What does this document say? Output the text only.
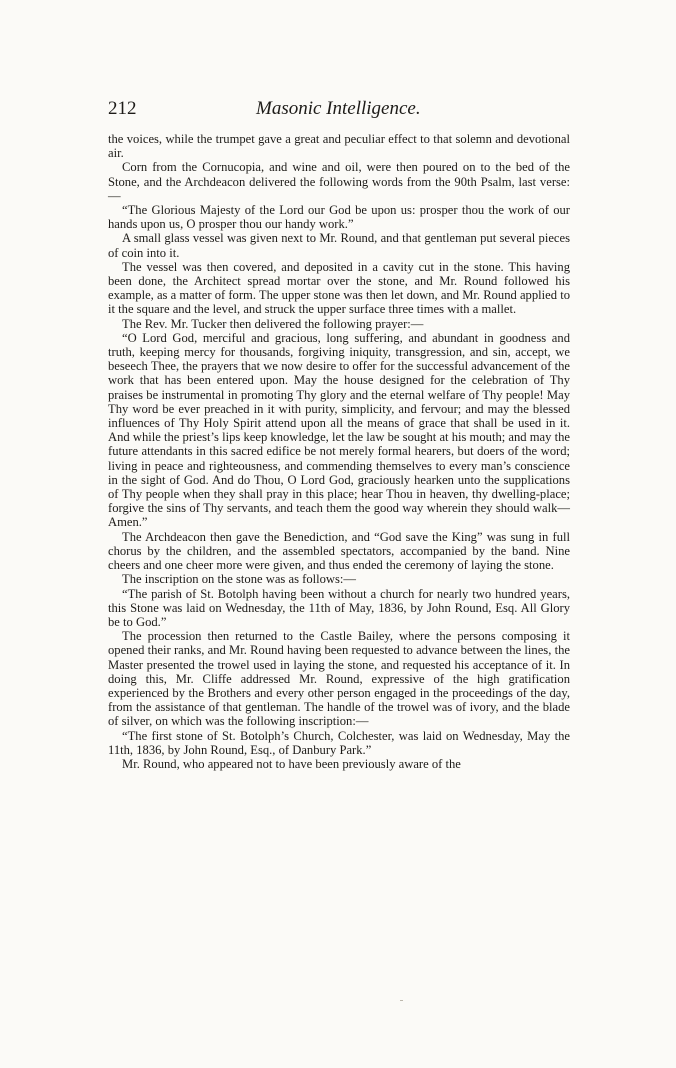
212	Masonic Intelligence.

the voices, while the trumpet gave a great and peculiar effect to that solemn and devotional air.

Corn from the Cornucopia, and wine and oil, were then poured on to the bed of the Stone, and the Archdeacon delivered the following words from the 90th Psalm, last verse:—

“The Glorious Majesty of the Lord our God be upon us: prosper thou the work of our hands upon us, O prosper thou our handy work.”

A small glass vessel was given next to Mr. Round, and that gentleman put several pieces of coin into it.

The vessel was then covered, and deposited in a cavity cut in the stone. This having been done, the Architect spread mortar over the stone, and Mr. Round followed his example, as a matter of form. The upper stone was then let down, and Mr. Round applied to it the square and the level, and struck the upper surface three times with a mallet.

The Rev. Mr. Tucker then delivered the following prayer:—

“O Lord God, merciful and gracious, long suffering, and abundant in goodness and truth, keeping mercy for thousands, forgiving iniquity, transgression, and sin, accept, we beseech Thee, the prayers that we now desire to offer for the successful advancement of the work that has been entered upon. May the house designed for the celebration of Thy praises be instrumental in promoting Thy glory and the eternal welfare of Thy people! May Thy word be ever preached in it with purity, simplicity, and fervour; and may the blessed influences of Thy Holy Spirit attend upon all the means of grace that shall be used in it. And while the priest’s lips keep knowledge, let the law be sought at his mouth; and may the future attendants in this sacred edifice be not merely formal hearers, but doers of the word; living in peace and righteousness, and commending themselves to every man’s conscience in the sight of God. And do Thou, O Lord God, graciously hearken unto the supplications of Thy people when they shall pray in this place; hear Thou in heaven, thy dwelling-place; forgive the sins of Thy servants, and teach them the good way wherein they should walk—Amen.”

The Archdeacon then gave the Benediction, and “God save the King” was sung in full chorus by the children, and the assembled spectators, accompanied by the band. Nine cheers and one cheer more were given, and thus ended the ceremony of laying the stone.

The inscription on the stone was as follows:—

“The parish of St. Botolph having been without a church for nearly two hundred years, this Stone was laid on Wednesday, the 11th of May, 1836, by John Round, Esq. All Glory be to God.”

The procession then returned to the Castle Bailey, where the persons composing it opened their ranks, and Mr. Round having been requested to advance between the lines, the Master presented the trowel used in laying the stone, and requested his acceptance of it. In doing this, Mr. Cliffe addressed Mr. Round, expressive of the high gratification experienced by the Brothers and every other person engaged in the proceedings of the day, from the assistance of that gentleman. The handle of the trowel was of ivory, and the blade of silver, on which was the following inscription:—

“The first stone of St. Botolph’s Church, Colchester, was laid on Wednesday, May the 11th, 1836, by John Round, Esq., of Danbury Park.”

Mr. Round, who appeared not to have been previously aware of the
